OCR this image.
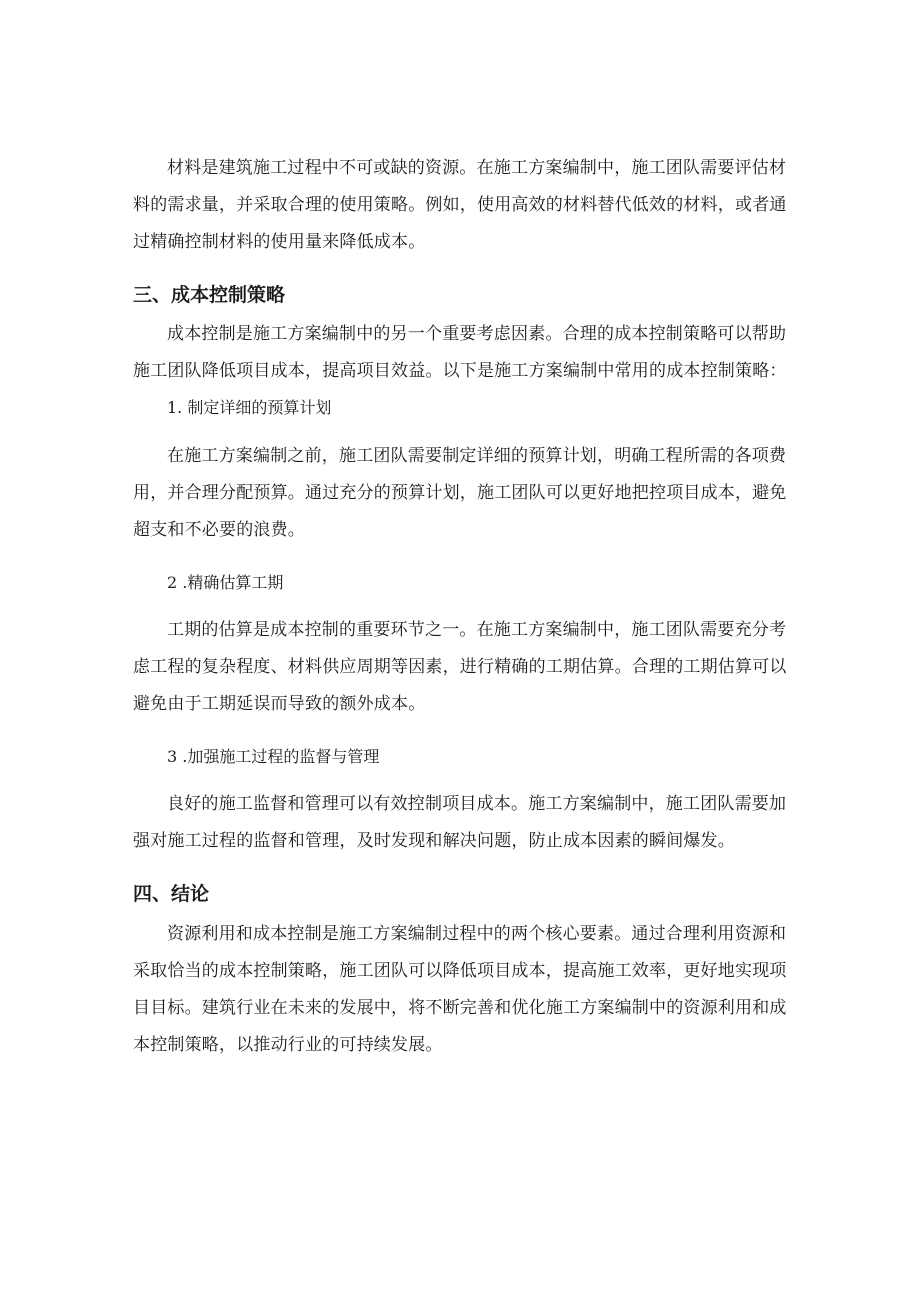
材料是建筑施工过程中不可或缺的资源。在施工方案编制中，施工团队需要评估材料的需求量，并采取合理的使用策略。例如，使用高效的材料替代低效的材料，或者通过精确控制材料的使用量来降低成本。

三、成本控制策略

成本控制是施工方案编制中的另一个重要考虑因素。合理的成本控制策略可以帮助施工团队降低项目成本，提高项目效益。以下是施工方案编制中常用的成本控制策略：

1. 制定详细的预算计划

在施工方案编制之前，施工团队需要制定详细的预算计划，明确工程所需的各项费用，并合理分配预算。通过充分的预算计划，施工团队可以更好地把控项目成本，避免超支和不必要的浪费。

2 .精确估算工期

工期的估算是成本控制的重要环节之一。在施工方案编制中，施工团队需要充分考虑工程的复杂程度、材料供应周期等因素，进行精确的工期估算。合理的工期估算可以避免由于工期延误而导致的额外成本。

3 .加强施工过程的监督与管理

良好的施工监督和管理可以有效控制项目成本。施工方案编制中，施工团队需要加强对施工过程的监督和管理，及时发现和解决问题，防止成本因素的瞬间爆发。

四、结论

资源利用和成本控制是施工方案编制过程中的两个核心要素。通过合理利用资源和采取恰当的成本控制策略，施工团队可以降低项目成本，提高施工效率，更好地实现项目目标。建筑行业在未来的发展中，将不断完善和优化施工方案编制中的资源利用和成本控制策略，以推动行业的可持续发展。
